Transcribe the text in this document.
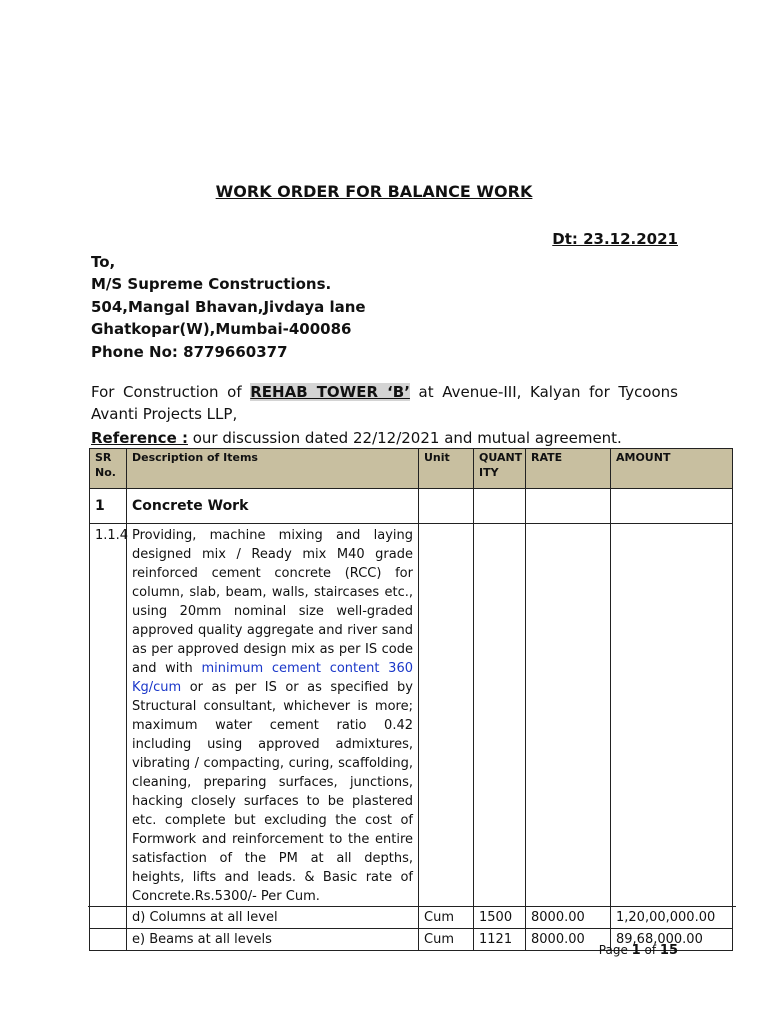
WORK ORDER FOR BALANCE WORK
Dt: 23.12.2021
To,
M/S Supreme Constructions.
504,Mangal Bhavan,Jivdaya lane
Ghatkopar(W),Mumbai-400086
Phone No: 8779660377
For Construction of REHAB TOWER ‘B’ at Avenue-III, Kalyan for Tycoons Avanti Projects LLP,
Reference : our discussion dated 22/12/2021 and mutual agreement.
SR No.	Description of Items	Unit	QUANT ITY	RATE	AMOUNT
1	Concrete Work				
1.1.4	Providing, machine mixing and laying designed mix / Ready mix M40 grade reinforced cement concrete (RCC) for column, slab, beam, walls, staircases etc., using 20mm nominal size well-graded approved quality aggregate and river sand as per approved design mix as per IS code and with minimum cement content 360 Kg/cum or as per IS or as specified by Structural consultant, whichever is more; maximum water cement ratio 0.42 including using approved admixtures, vibrating / compacting, curing, scaffolding, cleaning, preparing surfaces, junctions, hacking closely surfaces to be plastered etc. complete but excluding the cost of Formwork and reinforcement to the entire satisfaction of the PM at all depths, heights, lifts and leads. & Basic rate of Concrete.Rs.5300/- Per Cum.				
	d) Columns at all level	Cum	1500	8000.00	1,20,00,000.00
	e) Beams at all levels	Cum	1121	8000.00	89,68,000.00
Page 1 of 15
